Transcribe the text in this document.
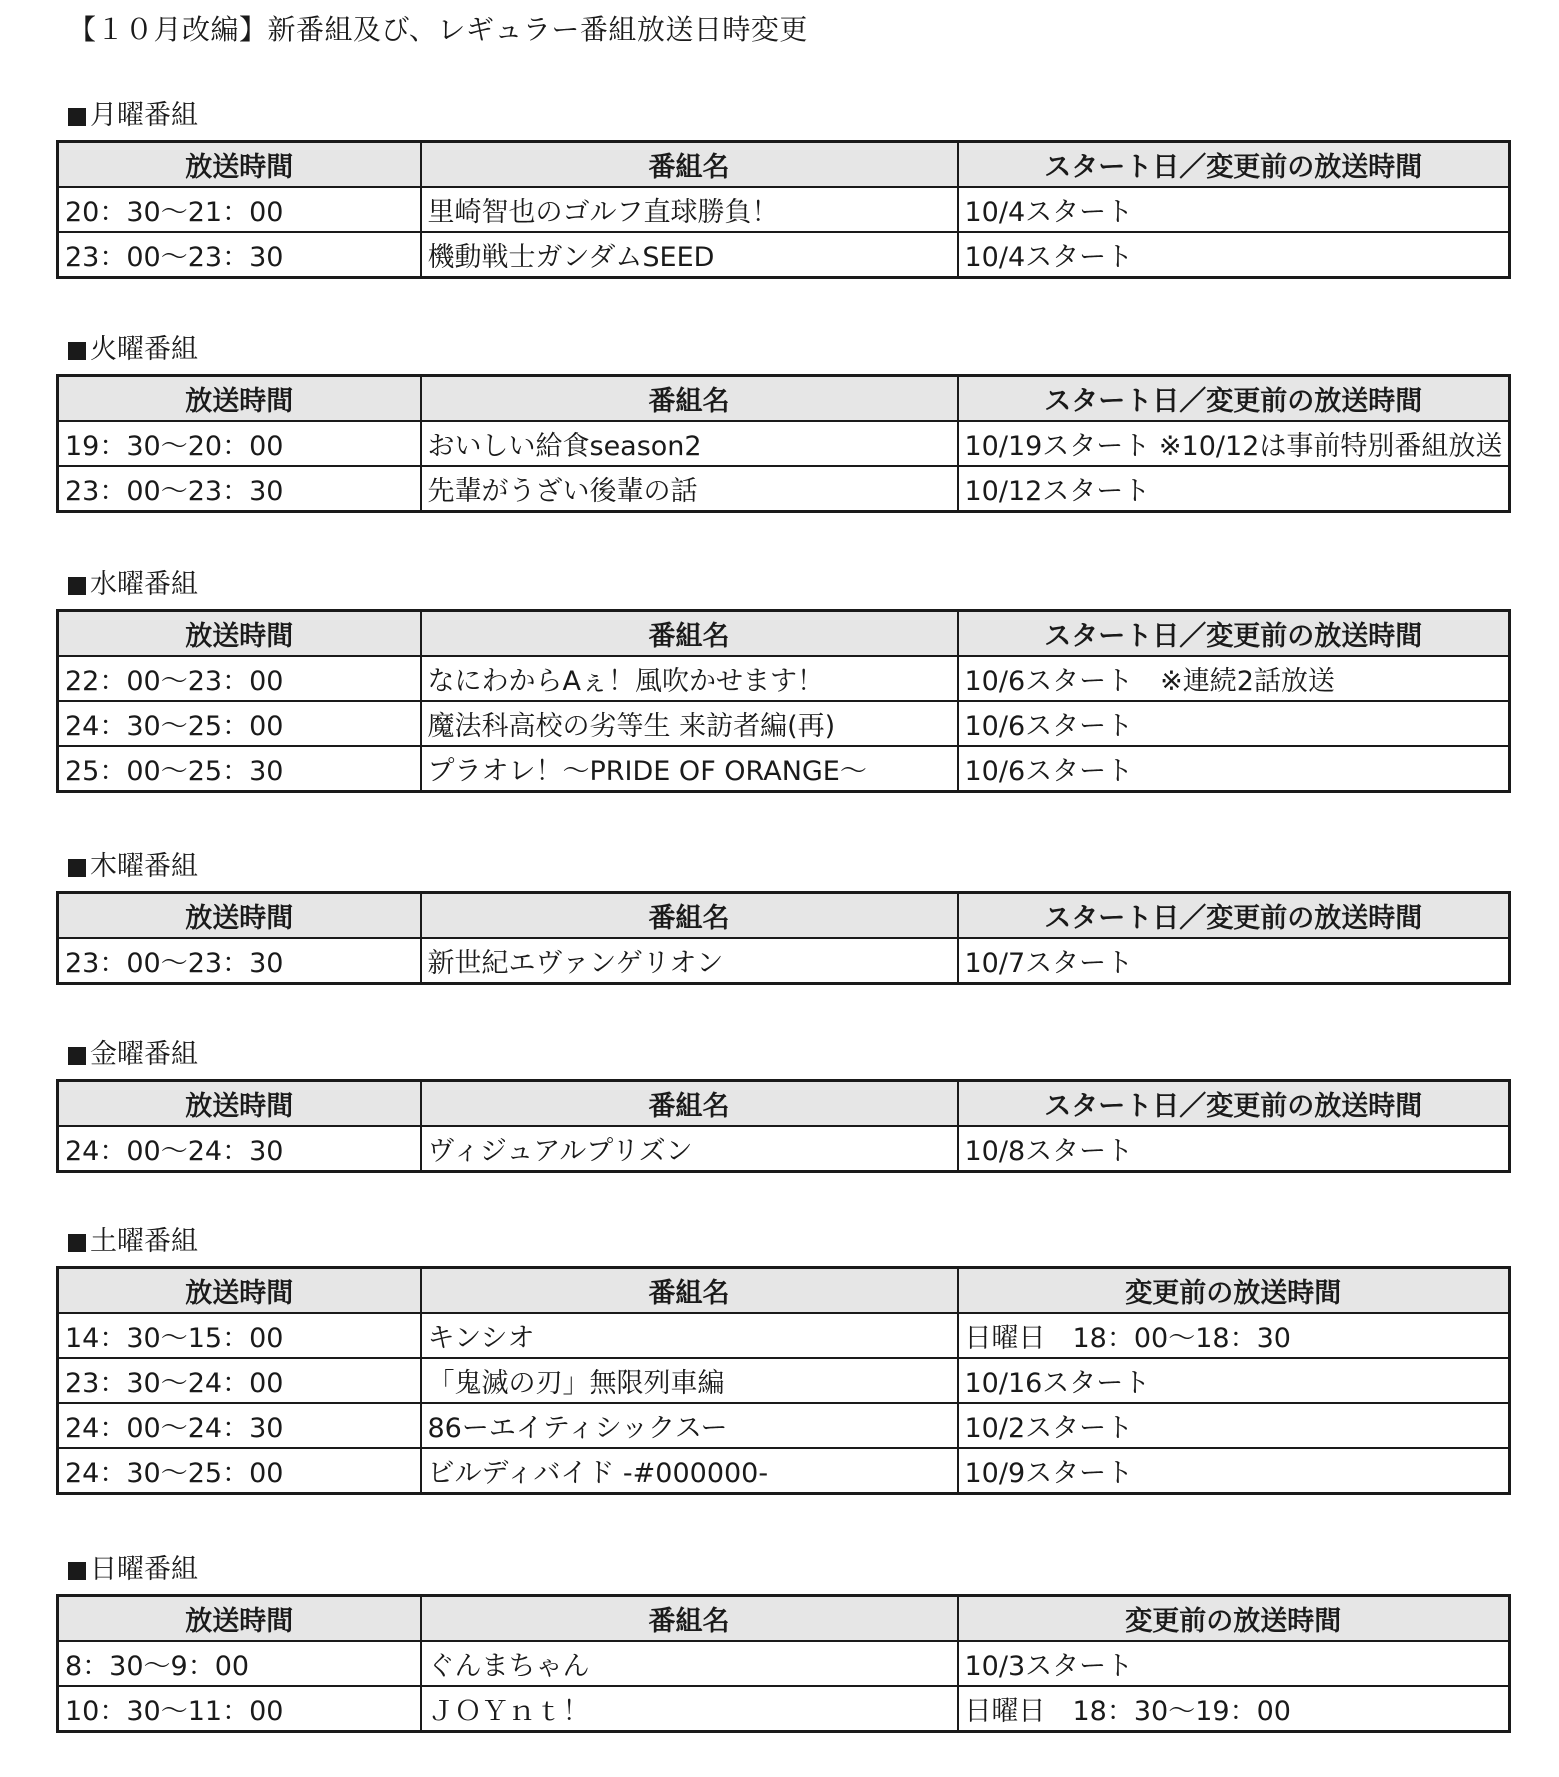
【１０月改編】新番組及び、レギュラー番組放送日時変更
月曜番組
放送時間	番組名	スタート日／変更前の放送時間
20：30～21：00	里崎智也のゴルフ直球勝負！	10/4スタート
23：00～23：30	機動戦士ガンダムSEED	10/4スタート
火曜番組
放送時間	番組名	スタート日／変更前の放送時間
19：30～20：00	おいしい給食season2	10/19スタート ※10/12は事前特別番組放送
23：00～23：30	先輩がうざい後輩の話	10/12スタート
水曜番組
放送時間	番組名	スタート日／変更前の放送時間
22：00～23：00	なにわからAぇ！風吹かせます！	10/6スタート　※連続2話放送
24：30～25：00	魔法科高校の劣等生 来訪者編(再)	10/6スタート
25：00～25：30	プラオレ！～PRIDE OF ORANGE～	10/6スタート
木曜番組
放送時間	番組名	スタート日／変更前の放送時間
23：00～23：30	新世紀エヴァンゲリオン	10/7スタート
金曜番組
放送時間	番組名	スタート日／変更前の放送時間
24：00～24：30	ヴィジュアルプリズン	10/8スタート
土曜番組
放送時間	番組名	変更前の放送時間
14：30～15：00	キンシオ	日曜日　18：00～18：30
23：30～24：00	「鬼滅の刃」無限列車編	10/16スタート
24：00～24：30	86ーエイティシックスー	10/2スタート
24：30～25：00	ビルディバイド -#000000-	10/9スタート
日曜番組
放送時間	番組名	変更前の放送時間
8：30～9：00	ぐんまちゃん	10/3スタート
10：30～11：00	ＪＯＹｎｔ！	日曜日　18：30～19：00
